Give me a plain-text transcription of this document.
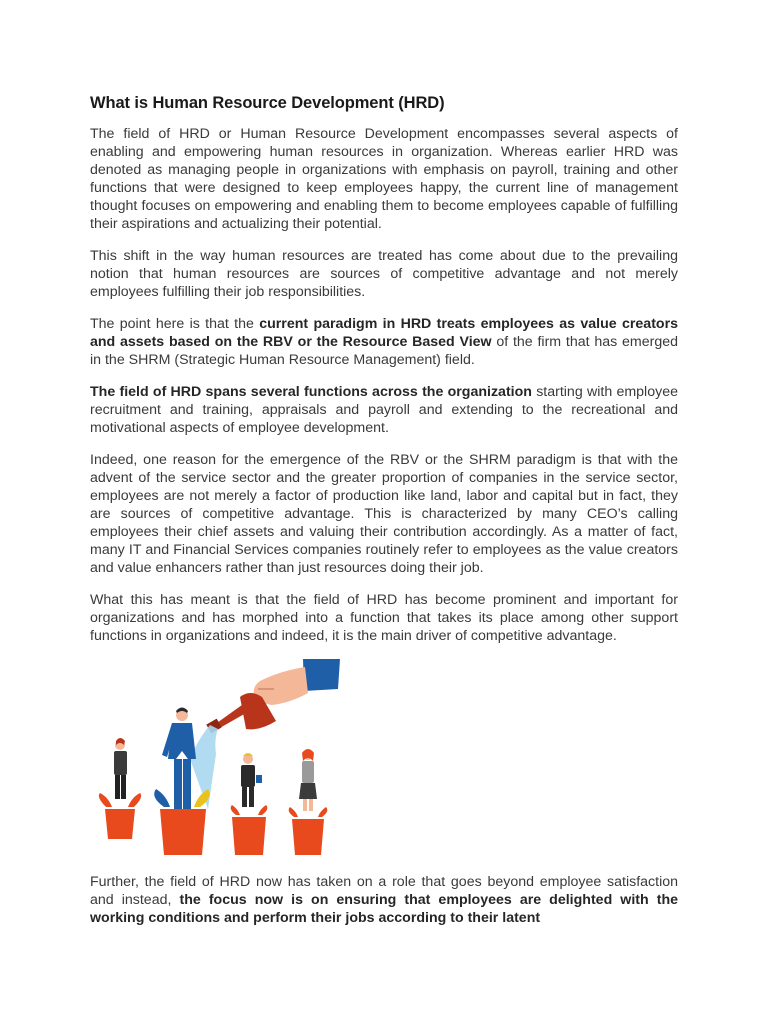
What is Human Resource Development (HRD)

The field of HRD or Human Resource Development encompasses several aspects of enabling and empowering human resources in organization. Whereas earlier HRD was denoted as managing people in organizations with emphasis on payroll, training and other functions that were designed to keep employees happy, the current line of management thought focuses on empowering and enabling them to become employees capable of fulfilling their aspirations and actualizing their potential.

This shift in the way human resources are treated has come about due to the prevailing notion that human resources are sources of competitive advantage and not merely employees fulfilling their job responsibilities.

The point here is that the current paradigm in HRD treats employees as value creators and assets based on the RBV or the Resource Based View of the firm that has emerged in the SHRM (Strategic Human Resource Management) field.

The field of HRD spans several functions across the organization starting with employee recruitment and training, appraisals and payroll and extending to the recreational and motivational aspects of employee development.

Indeed, one reason for the emergence of the RBV or the SHRM paradigm is that with the advent of the service sector and the greater proportion of companies in the service sector, employees are not merely a factor of production like land, labor and capital but in fact, they are sources of competitive advantage. This is characterized by many CEO’s calling employees their chief assets and valuing their contribution accordingly. As a matter of fact, many IT and Financial Services companies routinely refer to employees as the value creators and value enhancers rather than just resources doing their job.

What this has meant is that the field of HRD has become prominent and important for organizations and has morphed into a function that takes its place among other support functions in organizations and indeed, it is the main driver of competitive advantage.

Further, the field of HRD now has taken on a role that goes beyond employee satisfaction and instead, the focus now is on ensuring that employees are delighted with the working conditions and perform their jobs according to their latent
